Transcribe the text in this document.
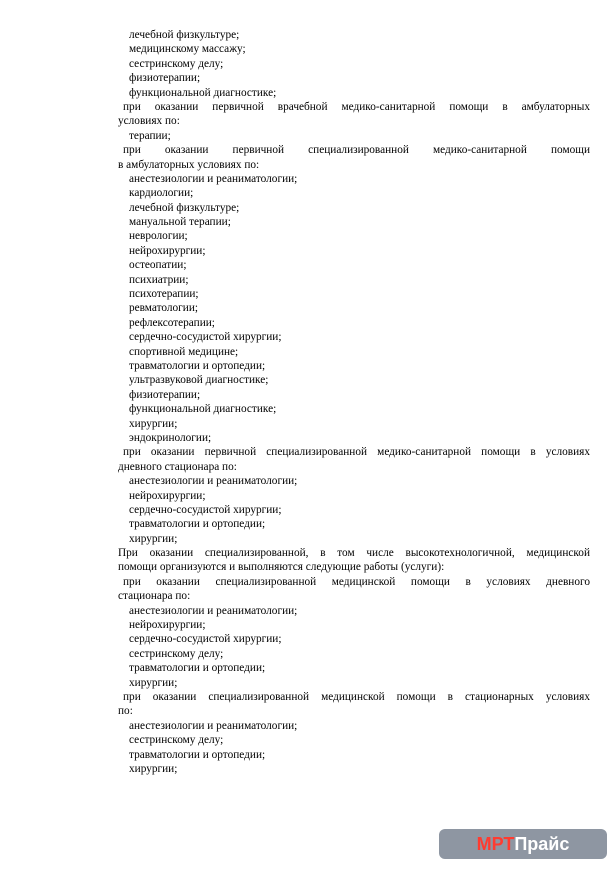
лечебной физкультуре;
медицинскому массажу;
сестринскому делу;
физиотерапии;
функциональной диагностике;
при оказании первичной врачебной медико-санитарной помощи в амбулаторных
условиях по:
терапии;
при оказании первичной специализированной медико-санитарной помощи
в амбулаторных условиях по:
анестезиологии и реаниматологии;
кардиологии;
лечебной физкультуре;
мануальной терапии;
неврологии;
нейрохирургии;
остеопатии;
психиатрии;
психотерапии;
ревматологии;
рефлексотерапии;
сердечно-сосудистой хирургии;
спортивной медицине;
травматологии и ортопедии;
ультразвуковой диагностике;
физиотерапии;
функциональной диагностике;
хирургии;
эндокринологии;
при оказании первичной специализированной медико-санитарной помощи в условиях
дневного стационара по:
анестезиологии и реаниматологии;
нейрохирургии;
сердечно-сосудистой хирургии;
травматологии и ортопедии;
хирургии;
При оказании специализированной, в том числе высокотехнологичной, медицинской
помощи организуются и выполняются следующие работы (услуги):
при оказании специализированной медицинской помощи в условиях дневного
стационара по:
анестезиологии и реаниматологии;
нейрохирургии;
сердечно-сосудистой хирургии;
сестринскому делу;
травматологии и ортопедии;
хирургии;
при оказании специализированной медицинской помощи в стационарных условиях
по:
анестезиологии и реаниматологии;
сестринскому делу;
травматологии и ортопедии;
хирургии;
МРТ Прайс
